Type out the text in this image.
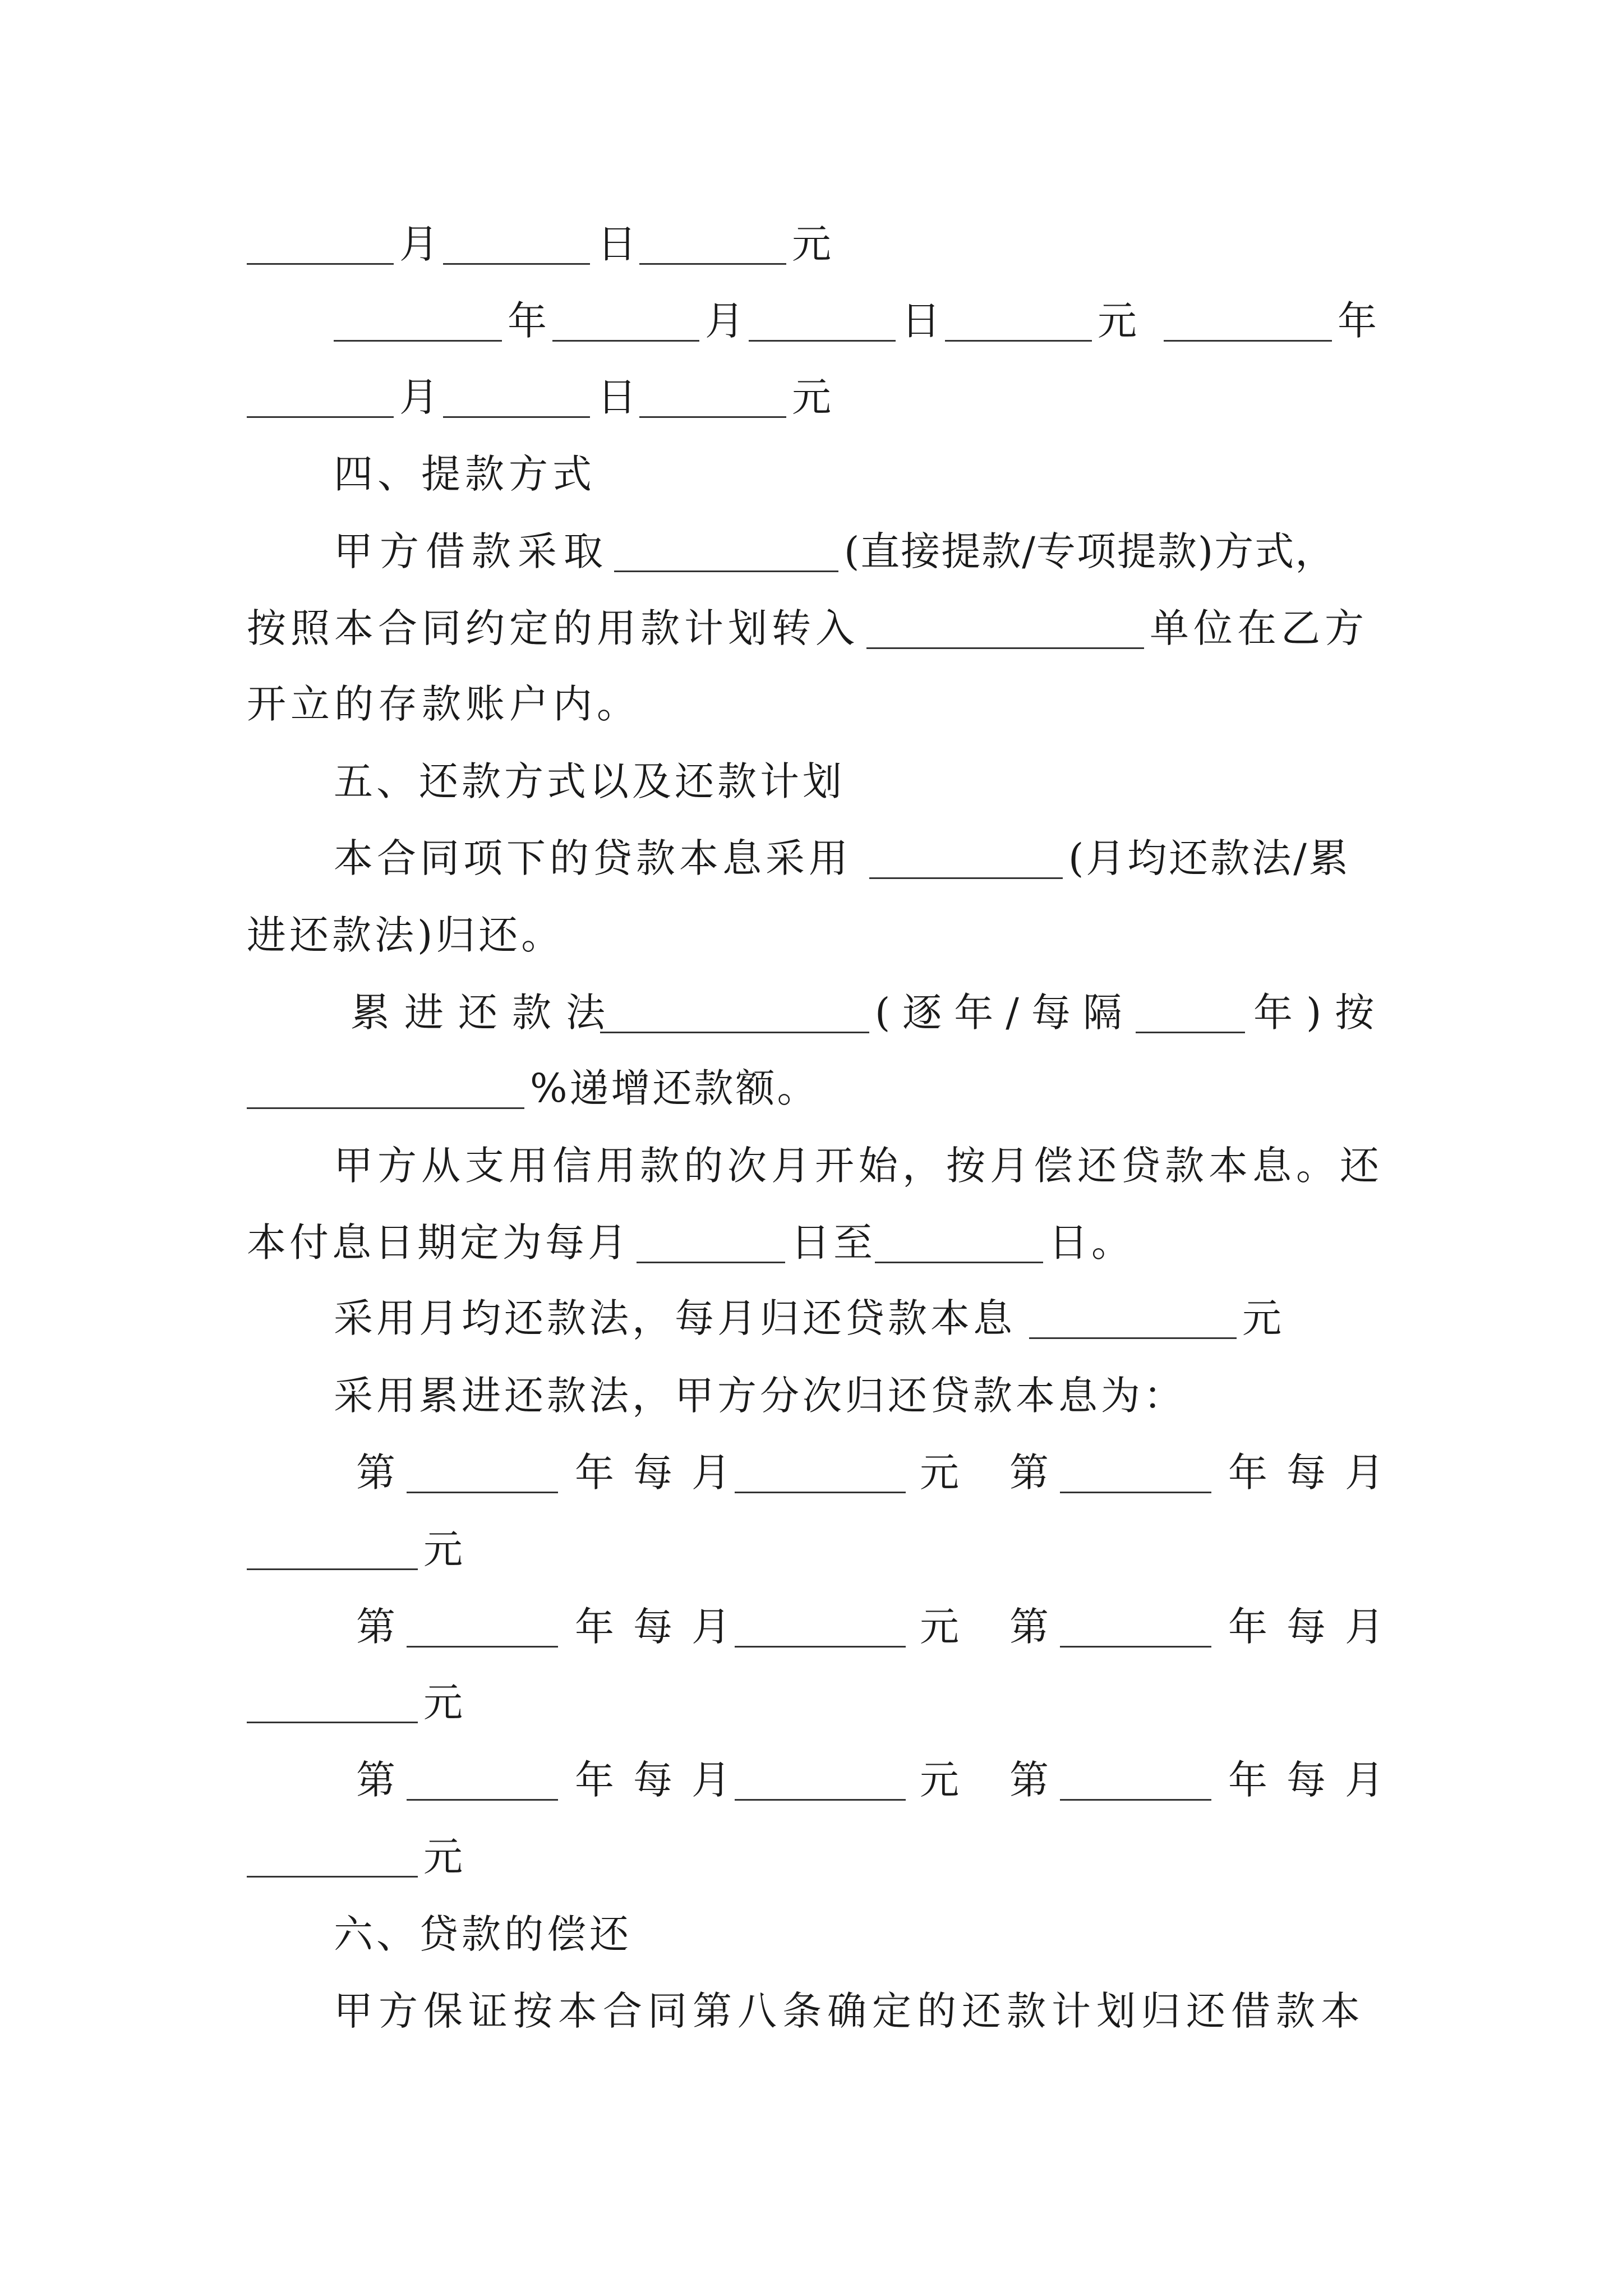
月	日	元
年	月	日	元	年
月	日	元
四、提款方式
甲方借款采取	(直接提款/专项提款)方式，
按照本合同约定的用款计划转入	单位在乙方
开立的存款账户内。
五、还款方式以及还款计划
本合同项下的贷款本息采用	(月均还款法/累
进还款法)归还。
累进还款法	(逐年/每隔	年)按
%递增还款额。
甲方从支用信用款的次月开始，按月偿还贷款本息。还
本付息日期定为每月	日至	日。
采用月均还款法，每月归还贷款本息	元
采用累进还款法，甲方分次归还贷款本息为：
第	年每月	元 第	年每月
元
第	年每月	元 第	年每月
元
第	年每月	元 第	年每月
元
六、贷款的偿还
甲方保证按本合同第八条确定的还款计划归还借款本
